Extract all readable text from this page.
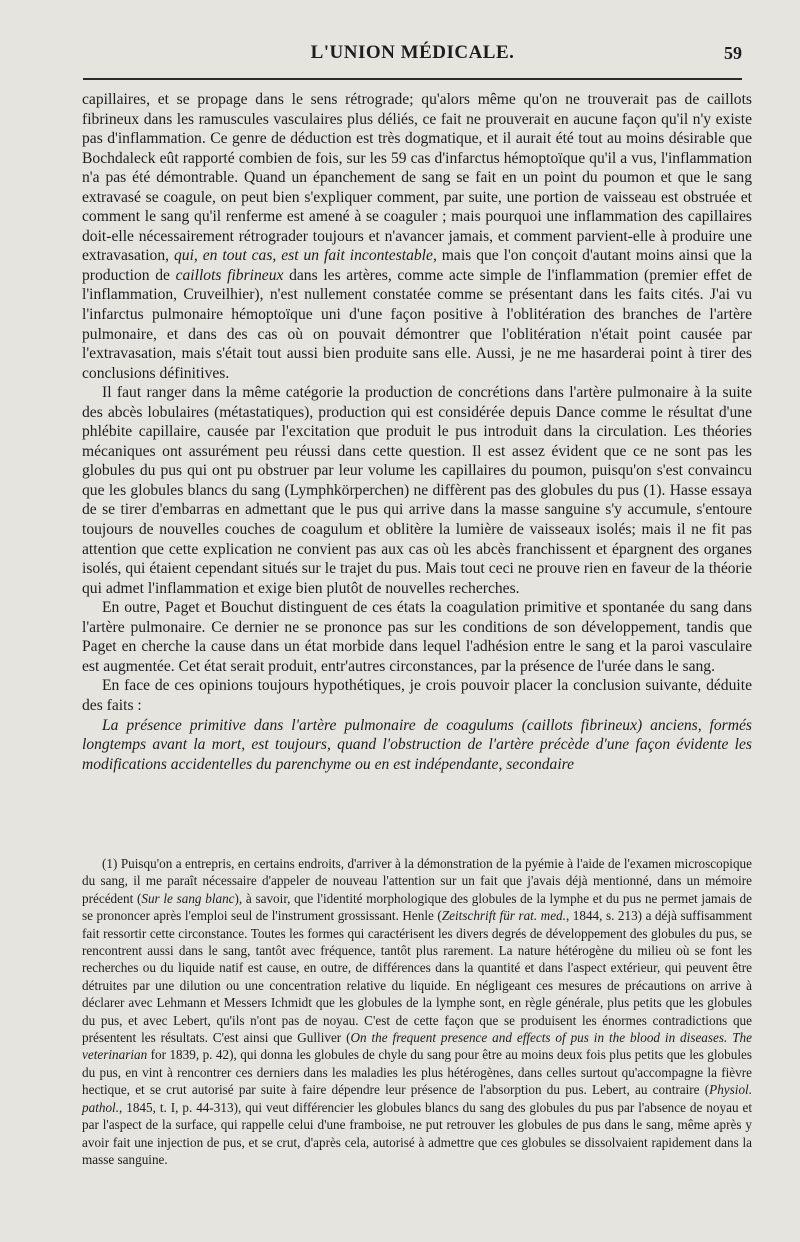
L'UNION MÉDICALE.	59

capillaires, et se propage dans le sens rétrograde; qu'alors même qu'on ne trouverait pas de caillots fibrineux dans les ramuscules vasculaires plus déliés, ce fait ne prouverait en aucune façon qu'il n'y existe pas d'inflammation. Ce genre de déduction est très dogmatique, et il aurait été tout au moins désirable que Bochdaleck eût rapporté combien de fois, sur les 59 cas d'infarctus hémoptoïque qu'il a vus, l'inflammation n'a pas été démontrable. Quand un épanchement de sang se fait en un point du poumon et que le sang extravasé se coagule, on peut bien s'expliquer comment, par suite, une portion de vaisseau est obstruée et comment le sang qu'il renferme est amené à se coaguler ; mais pourquoi une inflammation des capillaires doit-elle nécessairement rétrograder toujours et n'avancer jamais, et comment parvient-elle à produire une extravasation, qui, en tout cas, est un fait incontestable, mais que l'on conçoit d'autant moins ainsi que la production de caillots fibrineux dans les artères, comme acte simple de l'inflammation (premier effet de l'inflammation, Cruveilhier), n'est nullement constatée comme se présentant dans les faits cités. J'ai vu l'infarctus pulmonaire hémoptoïque uni d'une façon positive à l'oblitération des branches de l'artère pulmonaire, et dans des cas où on pouvait démontrer que l'oblitération n'était point causée par l'extravasation, mais s'était tout aussi bien produite sans elle. Aussi, je ne me hasarderai point à tirer des conclusions définitives.

Il faut ranger dans la même catégorie la production de concrétions dans l'artère pulmonaire à la suite des abcès lobulaires (métastatiques), production qui est considérée depuis Dance comme le résultat d'une phlébite capillaire, causée par l'excitation que produit le pus introduit dans la circulation. Les théories mécaniques ont assurément peu réussi dans cette question. Il est assez évident que ce ne sont pas les globules du pus qui ont pu obstruer par leur volume les capillaires du poumon, puisqu'on s'est convaincu que les globules blancs du sang (Lymphkörperchen) ne diffèrent pas des globules du pus (1). Hasse essaya de se tirer d'embarras en admettant que le pus qui arrive dans la masse sanguine s'y accumule, s'entoure toujours de nouvelles couches de coagulum et oblitère la lumière de vaisseaux isolés; mais il ne fit pas attention que cette explication ne convient pas aux cas où les abcès franchissent et épargnent des organes isolés, qui étaient cependant situés sur le trajet du pus. Mais tout ceci ne prouve rien en faveur de la théorie qui admet l'inflammation et exige bien plutôt de nouvelles recherches.

En outre, Paget et Bouchut distinguent de ces états la coagulation primitive et spontanée du sang dans l'artère pulmonaire. Ce dernier ne se prononce pas sur les conditions de son développement, tandis que Paget en cherche la cause dans un état morbide dans lequel l'adhésion entre le sang et la paroi vasculaire est augmentée. Cet état serait produit, entr'autres circonstances, par la présence de l'urée dans le sang.

En face de ces opinions toujours hypothétiques, je crois pouvoir placer la conclusion suivante, déduite des faits :

La présence primitive dans l'artère pulmonaire de coagulums (caillots fibrineux) anciens, formés longtemps avant la mort, est toujours, quand l'obstruction de l'artère précède d'une façon évidente les modifications accidentelles du parenchyme ou en est indépendante, secondaire

(1) Puisqu'on a entrepris, en certains endroits, d'arriver à la démonstration de la pyémie à l'aide de l'examen microscopique du sang, il me paraît nécessaire d'appeler de nouveau l'attention sur un fait que j'avais déjà mentionné, dans un mémoire précédent (Sur le sang blanc), à savoir, que l'identité morphologique des globules de la lymphe et du pus ne permet jamais de se prononcer après l'emploi seul de l'instrument grossissant. Henle (Zeitschrift für rat. med., 1844, s. 213) a déjà suffisamment fait ressortir cette circonstance. Toutes les formes qui caractérisent les divers degrés de développement des globules du pus, se rencontrent aussi dans le sang, tantôt avec fréquence, tantôt plus rarement. La nature hétérogène du milieu où se font les recherches ou du liquide natif est cause, en outre, de différences dans la quantité et dans l'aspect extérieur, qui peuvent être détruites par une dilution ou une concentration relative du liquide. En négligeant ces mesures de précautions on arrive à déclarer avec Lehmann et Messers Ichmidt que les globules de la lymphe sont, en règle générale, plus petits que les globules du pus, et avec Lebert, qu'ils n'ont pas de noyau. C'est de cette façon que se produisent les énormes contradictions que présentent les résultats. C'est ainsi que Gulliver (On the frequent presence and effects of pus in the blood in diseases. The veterinarian for 1839, p. 42), qui donna les globules de chyle du sang pour être au moins deux fois plus petits que les globules du pus, en vint à rencontrer ces derniers dans les maladies les plus hétérogènes, dans celles surtout qu'accompagne la fièvre hectique, et se crut autorisé par suite à faire dépendre leur présence de l'absorption du pus. Lebert, au contraire (Physiol. pathol., 1845, t. I, p. 44-313), qui veut différencier les globules blancs du sang des globules du pus par l'absence de noyau et par l'aspect de la surface, qui rappelle celui d'une framboise, ne put retrouver les globules de pus dans le sang, même après y avoir fait une injection de pus, et se crut, d'après cela, autorisé à admettre que ces globules se dissolvaient rapidement dans la masse sanguine.
